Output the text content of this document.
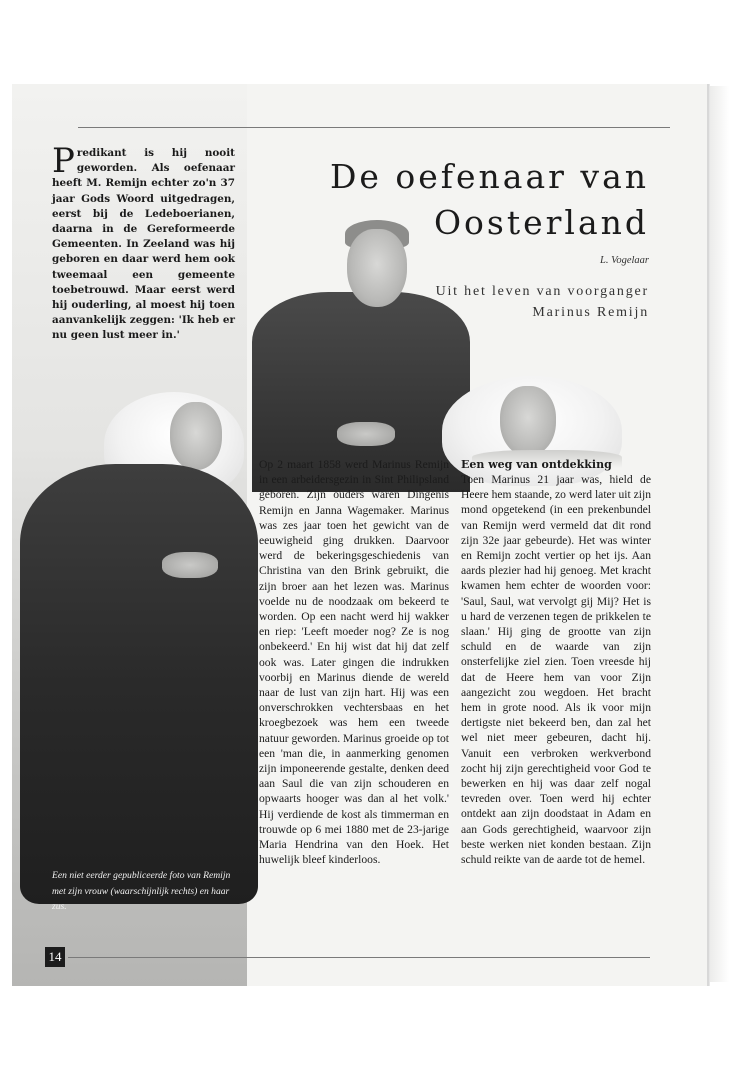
Predikant is hij nooit geworden. Als oefenaar heeft M. Remijn echter zo'n 37 jaar Gods Woord uitgedragen, eerst bij de Ledeboerianen, daarna in de Gereformeerde Gemeenten. In Zeeland was hij geboren en daar werd hem ook tweemaal een gemeente toebetrouwd. Maar eerst werd hij ouderling, al moest hij toen aanvankelijk zeggen: 'Ik heb er nu geen lust meer in.'
De oefenaar van
Oosterland
L. Vogelaar
Uit het leven van voorganger
Marinus Remijn

Op 2 maart 1858 werd Marinus Remijn in een arbeidersgezin in Sint Philipsland geboren. Zijn ouders waren Dingenis Remijn en Janna Wagemaker. Marinus was zes jaar toen het gewicht van de eeuwigheid ging drukken. Daarvoor werd de bekeringsgeschiedenis van Christina van den Brink gebruikt, die zijn broer aan het lezen was. Marinus voelde nu de noodzaak om bekeerd te worden. Op een nacht werd hij wakker en riep: 'Leeft moeder nog? Ze is nog onbekeerd.' En hij wist dat hij dat zelf ook was. Later gingen die indrukken voorbij en Marinus diende de wereld naar de lust van zijn hart. Hij was een onverschrokken vechtersbaas en het kroegbezoek was hem een tweede natuur geworden. Marinus groeide op tot een 'man die, in aanmerking genomen zijn imponeerende gestalte, denken deed aan Saul die van zijn schouderen en opwaarts hooger was dan al het volk.' Hij verdiende de kost als timmerman en trouwde op 6 mei 1880 met de 23-jarige Maria Hendrina van den Hoek. Het huwelijk bleef kinderloos.

Een weg van ontdekking

Toen Marinus 21 jaar was, hield de Heere hem staande, zo werd later uit zijn mond opgetekend (in een prekenbundel van Remijn werd vermeld dat dit rond zijn 32e jaar gebeurde). Het was winter en Remijn zocht vertier op het ijs. Aan aards plezier had hij genoeg. Met kracht kwamen hem echter de woorden voor: 'Saul, Saul, wat vervolgt gij Mij? Het is u hard de verzenen tegen de prikkelen te slaan.' Hij ging de grootte van zijn schuld en de waarde van zijn onsterfelijke ziel zien. Toen vreesde hij dat de Heere hem van voor Zijn aangezicht zou wegdoen. Het bracht hem in grote nood. Als ik voor mijn dertigste niet bekeerd ben, dan zal het wel niet meer gebeuren, dacht hij. Vanuit een verbroken werkverbond zocht hij zijn gerechtigheid voor God te bewerken en hij was daar zelf nogal tevreden over. Toen werd hij echter ontdekt aan zijn doodstaat in Adam en aan Gods gerechtigheid, waarvoor zijn beste werken niet konden bestaan. Zijn schuld reikte van de aarde tot de hemel.

Een niet eerder gepubliceerde foto van Remijn met zijn vrouw (waarschijnlijk rechts) en haar zus.
14
